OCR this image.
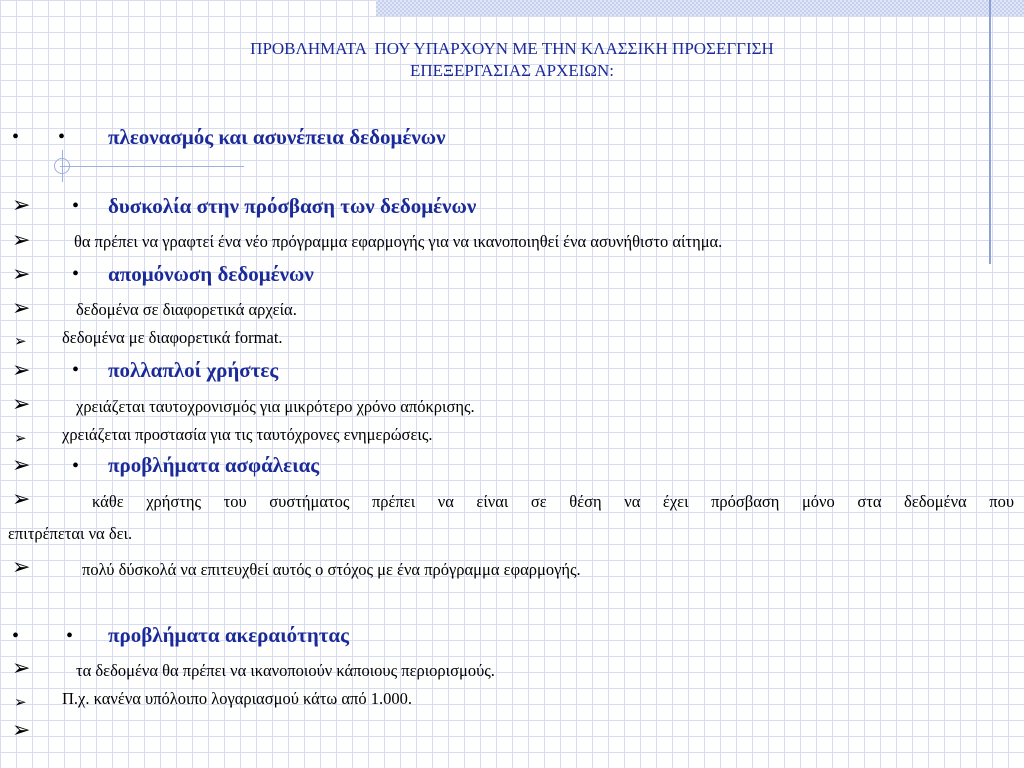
ΠΡΟΒΛΗΜΑΤΑ  ΠΟΥ ΥΠΑΡΧΟΥΝ ΜΕ ΤΗΝ ΚΛΑΣΣΙΚΗ ΠΡΟΣΕΓΓΙΣΗ
ΕΠΕΞΕΡΓΑΣΙΑΣ ΑΡΧΕΙΩΝ:
• • πλεονασμός και ασυνέπεια δεδομένων
➢ • δυσκολία στην πρόσβαση των δεδομένων
➢	θα πρέπει να γραφτεί ένα νέο πρόγραμμα εφαρμογής για να ικανοποιηθεί ένα ασυνήθιστο αίτημα.
➢ • απομόνωση δεδομένων
➢	δεδομένα σε διαφορετικά αρχεία.
➢ δεδομένα με διαφορετικά format.
➢ • πολλαπλοί χρήστες
➢	χρειάζεται ταυτοχρονισμός για μικρότερο χρόνο απόκρισης.
➢ χρειάζεται προστασία για τις ταυτόχρονες ενημερώσεις.
➢ • προβλήματα ασφάλειας
➢	κάθε χρήστης του συστήματος πρέπει να είναι σε θέση να έχει πρόσβαση μόνο στα δεδομένα που
επιτρέπεται να δει.
➢	πολύ δύσκολά να επιτευχθεί αυτός ο στόχος με ένα πρόγραμμα εφαρμογής.
• • προβλήματα ακεραιότητας
➢	τα δεδομένα θα πρέπει να ικανοποιούν κάποιους περιορισμούς.
➢ Π.χ. κανένα υπόλοιπο λογαριασμού κάτω από 1.000.
➢
